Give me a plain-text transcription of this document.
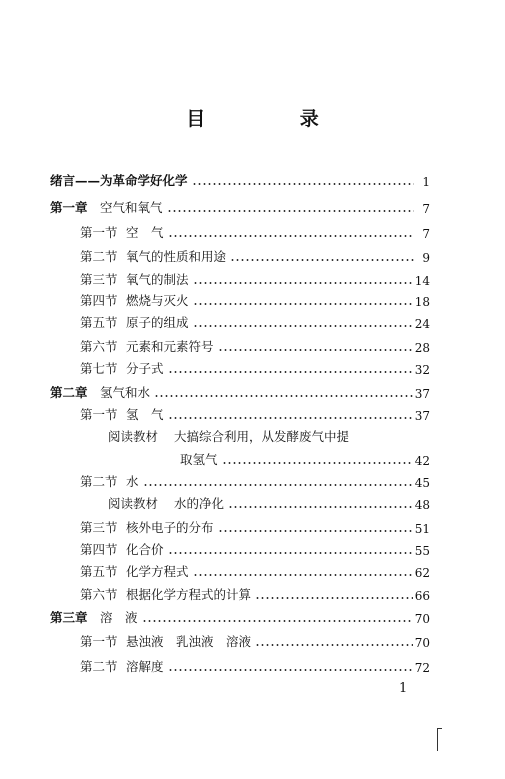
目 录
绪言——为革命学好化学	1
第一章 空气和氧气	7
第一节 空　气	7
第二节 氧气的性质和用途	9
第三节 氧气的制法	14
第四节 燃烧与灭火	18
第五节 原子的组成	24
第六节 元素和元素符号	28
第七节 分子式	32
第二章 氢气和水	37
第一节 氢　气	37
阅读教材	大搞综合利用，从发酵废气中提
取氢气	42
第二节 水	45
阅读教材	水的净化	48
第三节 核外电子的分布	51
第四节 化合价	55
第五节 化学方程式	62
第六节 根据化学方程式的计算	66
第三章 溶　液	70
第一节 悬浊液　乳浊液　溶液	70
第二节 溶解度	72
1
